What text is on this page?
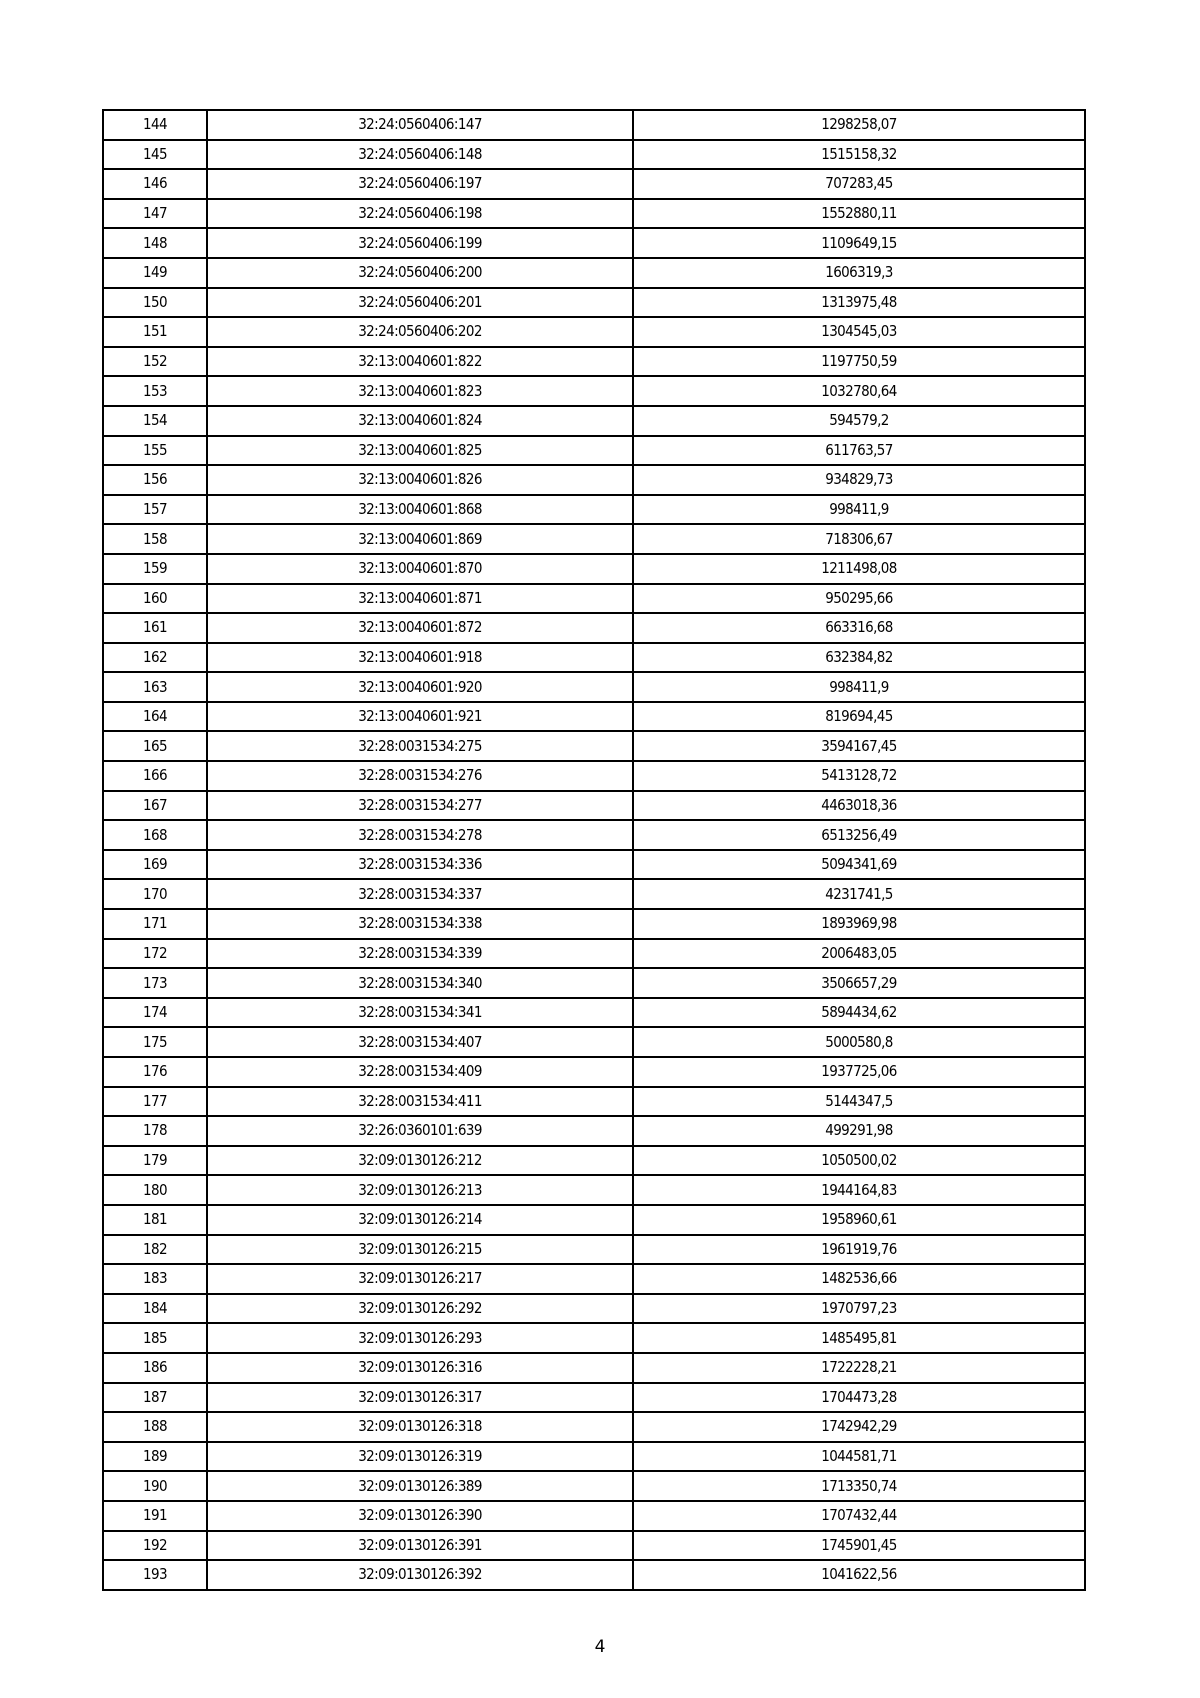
144	32:24:0560406:147	1298258,07
145	32:24:0560406:148	1515158,32
146	32:24:0560406:197	707283,45
147	32:24:0560406:198	1552880,11
148	32:24:0560406:199	1109649,15
149	32:24:0560406:200	1606319,3
150	32:24:0560406:201	1313975,48
151	32:24:0560406:202	1304545,03
152	32:13:0040601:822	1197750,59
153	32:13:0040601:823	1032780,64
154	32:13:0040601:824	594579,2
155	32:13:0040601:825	611763,57
156	32:13:0040601:826	934829,73
157	32:13:0040601:868	998411,9
158	32:13:0040601:869	718306,67
159	32:13:0040601:870	1211498,08
160	32:13:0040601:871	950295,66
161	32:13:0040601:872	663316,68
162	32:13:0040601:918	632384,82
163	32:13:0040601:920	998411,9
164	32:13:0040601:921	819694,45
165	32:28:0031534:275	3594167,45
166	32:28:0031534:276	5413128,72
167	32:28:0031534:277	4463018,36
168	32:28:0031534:278	6513256,49
169	32:28:0031534:336	5094341,69
170	32:28:0031534:337	4231741,5
171	32:28:0031534:338	1893969,98
172	32:28:0031534:339	2006483,05
173	32:28:0031534:340	3506657,29
174	32:28:0031534:341	5894434,62
175	32:28:0031534:407	5000580,8
176	32:28:0031534:409	1937725,06
177	32:28:0031534:411	5144347,5
178	32:26:0360101:639	499291,98
179	32:09:0130126:212	1050500,02
180	32:09:0130126:213	1944164,83
181	32:09:0130126:214	1958960,61
182	32:09:0130126:215	1961919,76
183	32:09:0130126:217	1482536,66
184	32:09:0130126:292	1970797,23
185	32:09:0130126:293	1485495,81
186	32:09:0130126:316	1722228,21
187	32:09:0130126:317	1704473,28
188	32:09:0130126:318	1742942,29
189	32:09:0130126:319	1044581,71
190	32:09:0130126:389	1713350,74
191	32:09:0130126:390	1707432,44
192	32:09:0130126:391	1745901,45
193	32:09:0130126:392	1041622,56
4
